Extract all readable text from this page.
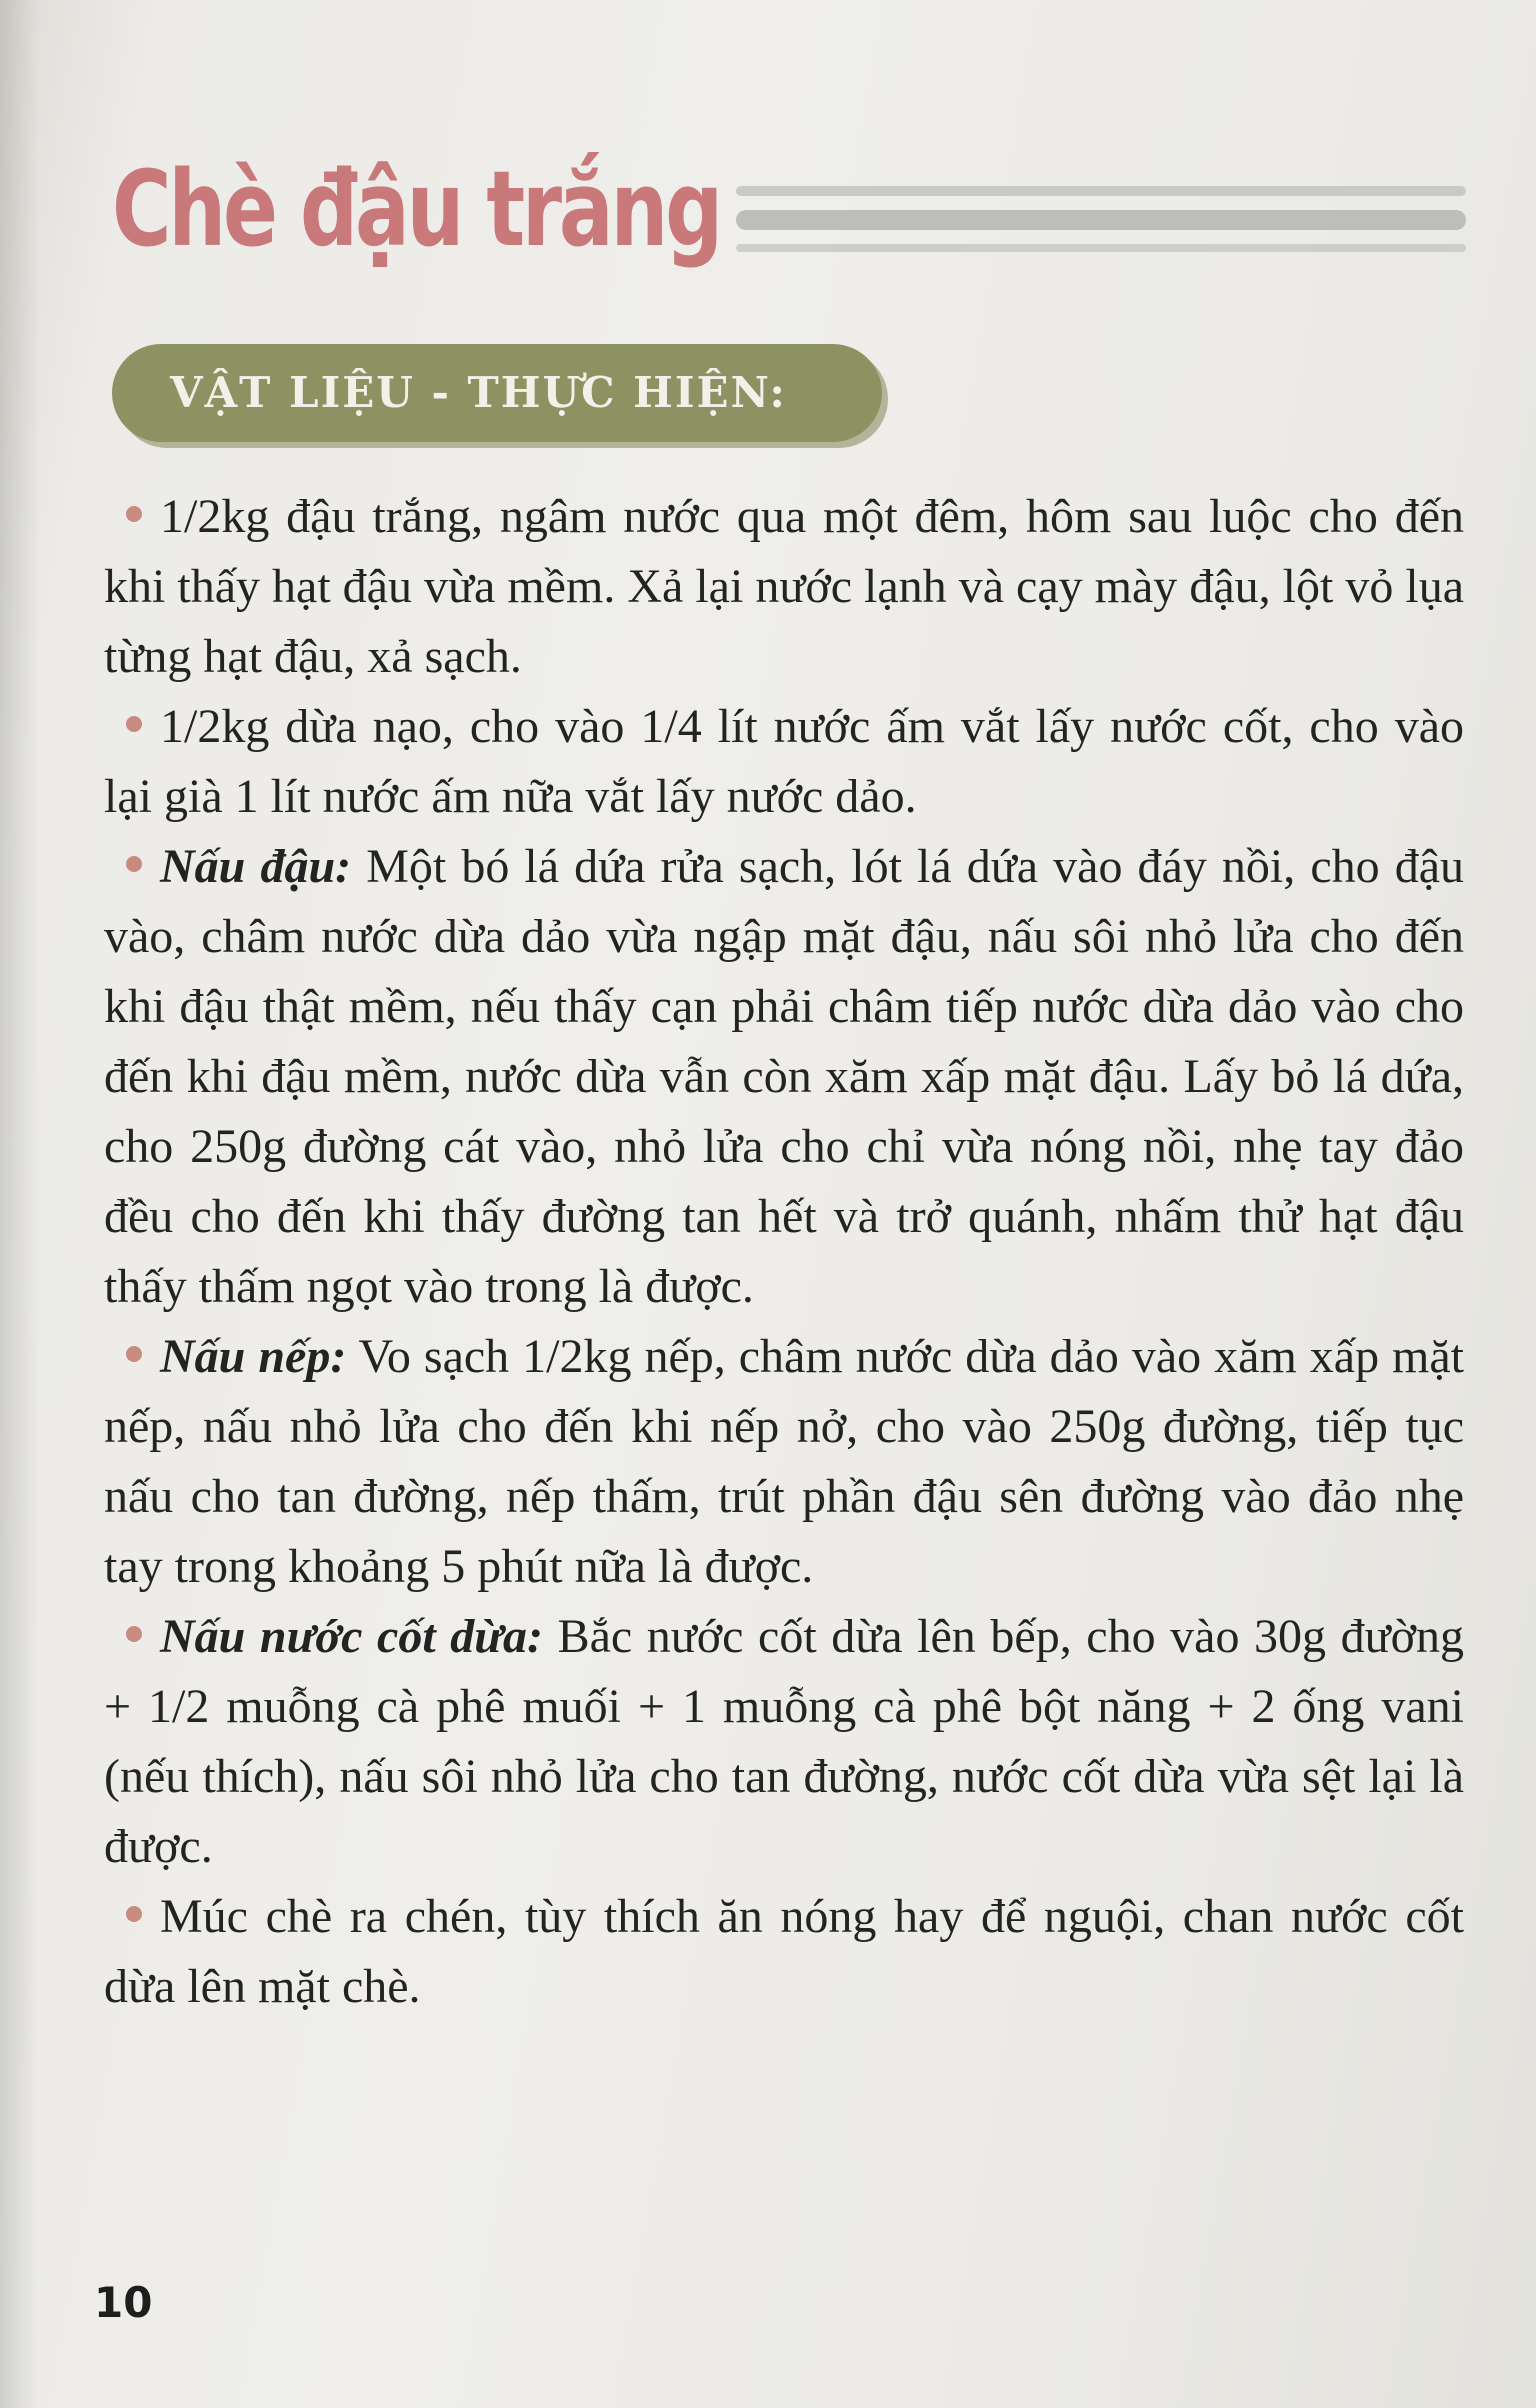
Chè đậu trắng
VẬT LIỆU - THỰC HIỆN:

1/2kg đậu trắng, ngâm nước qua một đêm, hôm sau luộc cho đến khi thấy hạt đậu vừa mềm. Xả lại nước lạnh và cạy mày đậu, lột vỏ lụa từng hạt đậu, xả sạch.

1/2kg dừa nạo, cho vào 1/4 lít nước ấm vắt lấy nước cốt, cho vào lại già 1 lít nước ấm nữa vắt lấy nước dảo.

Nấu đậu: Một bó lá dứa rửa sạch, lót lá dứa vào đáy nồi, cho đậu vào, châm nước dừa dảo vừa ngập mặt đậu, nấu sôi nhỏ lửa cho đến khi đậu thật mềm, nếu thấy cạn phải châm tiếp nước dừa dảo vào cho đến khi đậu mềm, nước dừa vẫn còn xăm xấp mặt đậu. Lấy bỏ lá dứa, cho 250g đường cát vào, nhỏ lửa cho chỉ vừa nóng nồi, nhẹ tay đảo đều cho đến khi thấy đường tan hết và trở quánh, nhấm thử hạt đậu thấy thấm ngọt vào trong là được.

Nấu nếp: Vo sạch 1/2kg nếp, châm nước dừa dảo vào xăm xấp mặt nếp, nấu nhỏ lửa cho đến khi nếp nở, cho vào 250g đường, tiếp tục nấu cho tan đường, nếp thấm, trút phần đậu sên đường vào đảo nhẹ tay trong khoảng 5 phút nữa là được.

Nấu nước cốt dừa: Bắc nước cốt dừa lên bếp, cho vào 30g đường + 1/2 muỗng cà phê muối + 1 muỗng cà phê bột năng + 2 ống vani (nếu thích), nấu sôi nhỏ lửa cho tan đường, nước cốt dừa vừa sệt lại là được.

Múc chè ra chén, tùy thích ăn nóng hay để nguội, chan nước cốt dừa lên mặt chè.

10
